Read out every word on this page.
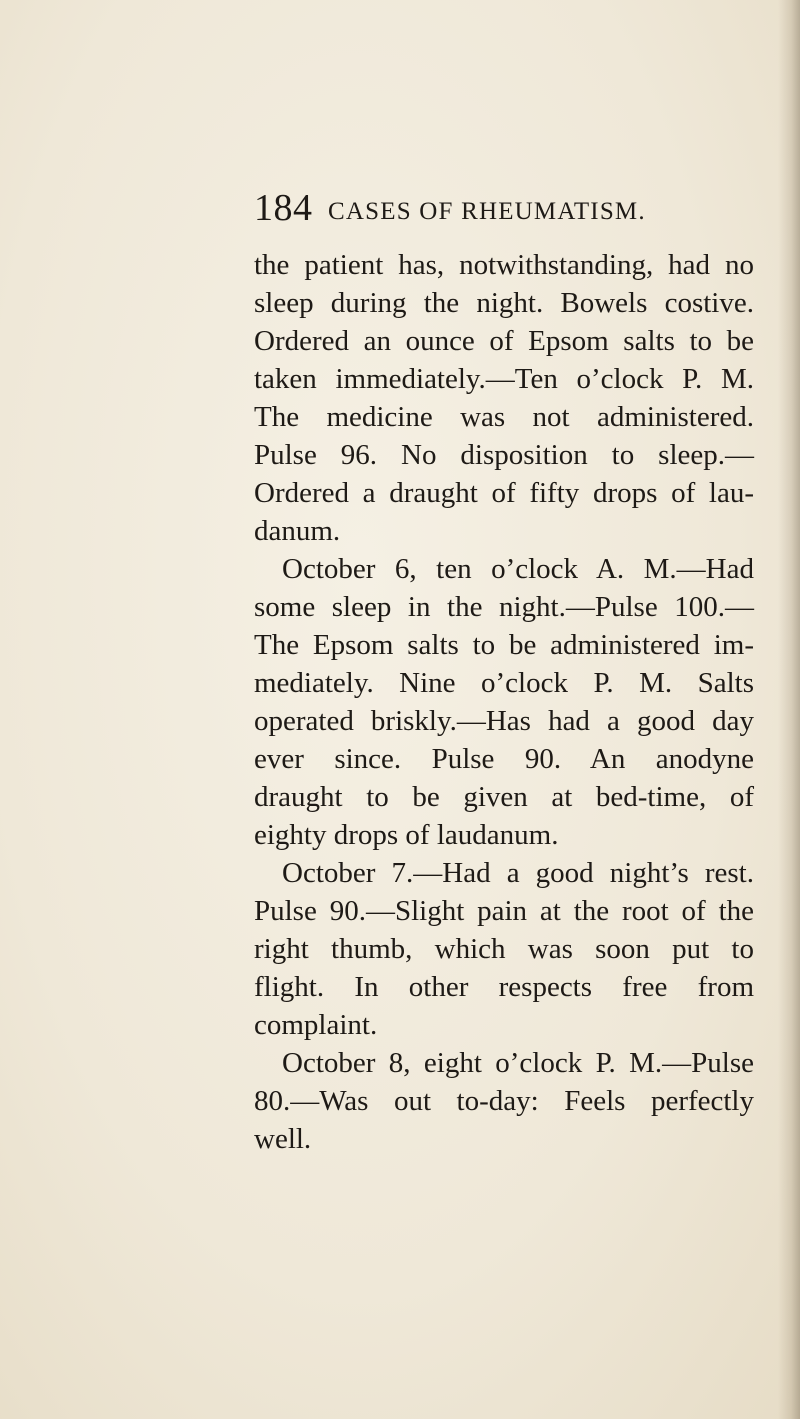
184 CASES OF RHEUMATISM.
the patient has, notwithstanding, had no
sleep during the night. Bowels costive.
Ordered an ounce of Epsom salts to be
taken immediately.—Ten o’clock P. M.
The medicine was not administered.
Pulse 96. No disposition to sleep.—
Ordered a draught of fifty drops of lau-
danum.
October 6, ten o’clock A. M.—Had
some sleep in the night.—Pulse 100.—
The Epsom salts to be administered im-
mediately. Nine o’clock P. M. Salts
operated briskly.—Has had a good day
ever since. Pulse 90. An anodyne
draught to be given at bed-time, of
eighty drops of laudanum.
October 7.—Had a good night’s rest.
Pulse 90.—Slight pain at the root of the
right thumb, which was soon put to
flight. In other respects free from
complaint.
October 8, eight o’clock P. M.—Pulse
80.—Was out to-day: Feels perfectly
well.
